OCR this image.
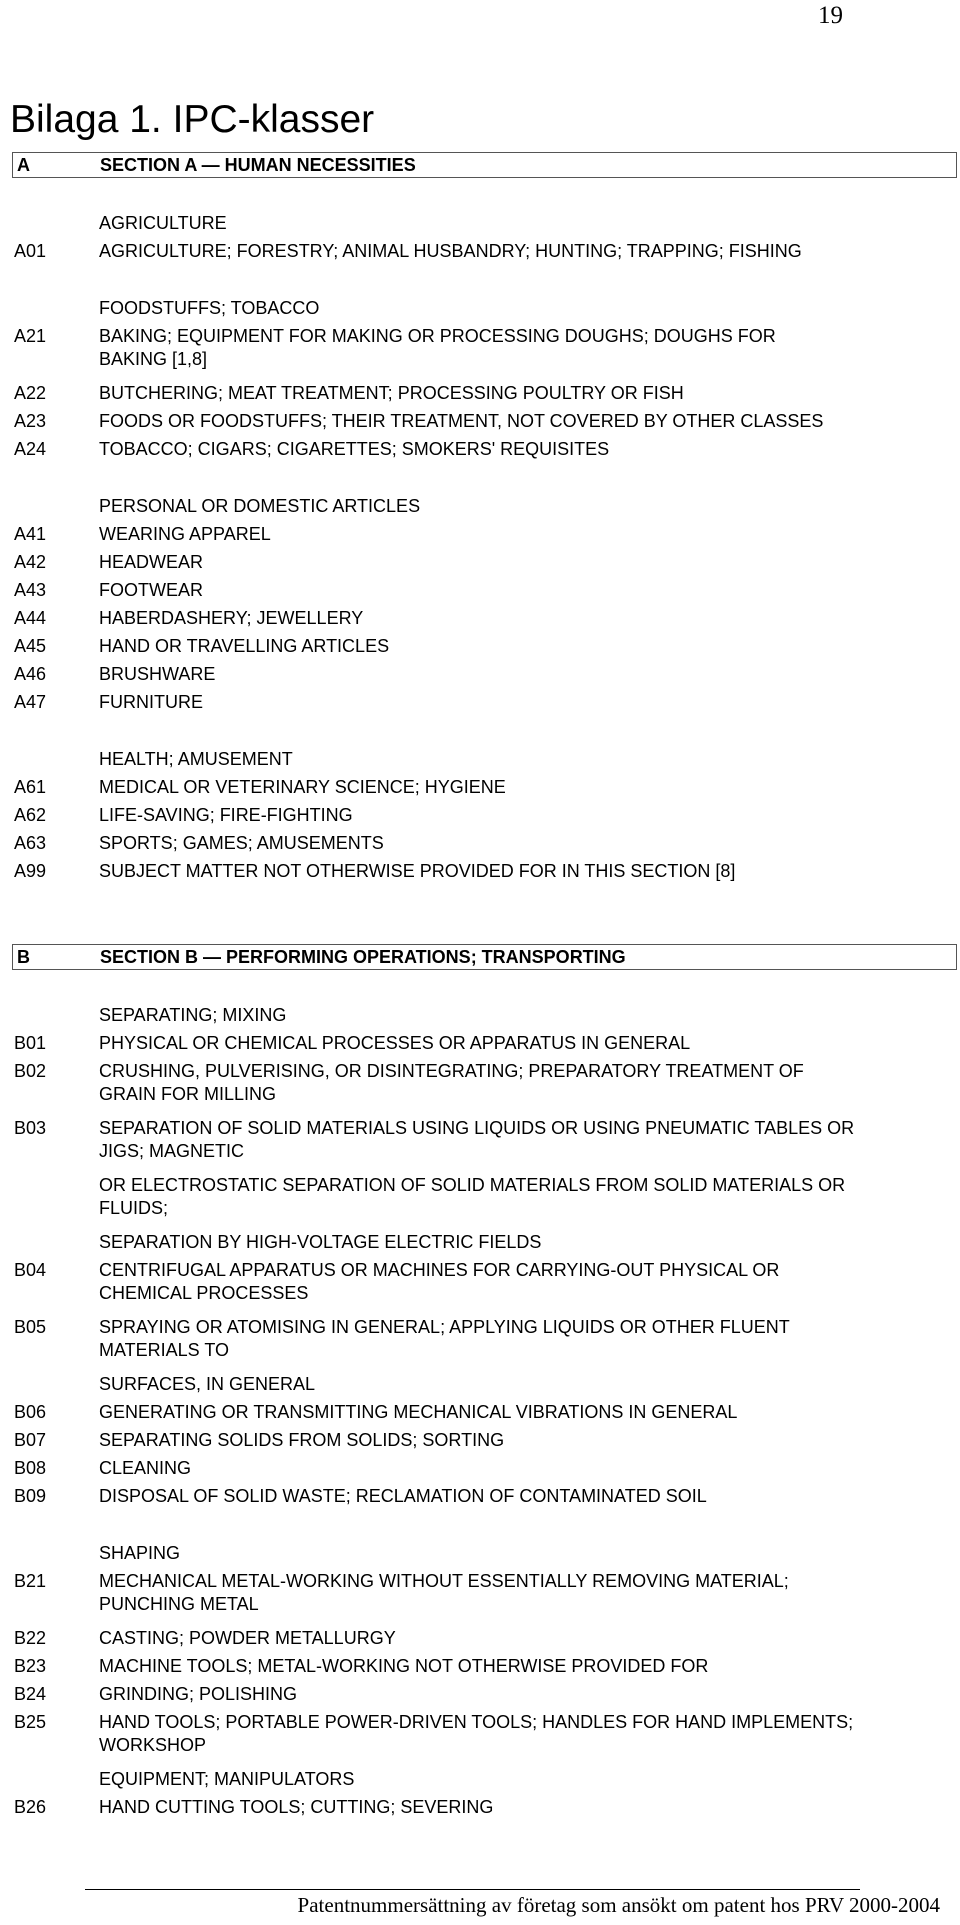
19
Bilaga 1. IPC-klasser
A	SECTION A — HUMAN NECESSITIES
AGRICULTURE
A01	AGRICULTURE; FORESTRY; ANIMAL HUSBANDRY; HUNTING; TRAPPING; FISHING
FOODSTUFFS; TOBACCO
A21	BAKING; EQUIPMENT FOR MAKING OR PROCESSING DOUGHS; DOUGHS FOR
BAKING [1,8]
A22	BUTCHERING; MEAT TREATMENT; PROCESSING POULTRY OR FISH
A23	FOODS OR FOODSTUFFS; THEIR TREATMENT, NOT COVERED BY OTHER CLASSES
A24	TOBACCO; CIGARS; CIGARETTES; SMOKERS' REQUISITES
PERSONAL OR DOMESTIC ARTICLES
A41	WEARING APPAREL
A42	HEADWEAR
A43	FOOTWEAR
A44	HABERDASHERY; JEWELLERY
A45	HAND OR TRAVELLING ARTICLES
A46	BRUSHWARE
A47	FURNITURE
HEALTH; AMUSEMENT
A61	MEDICAL OR VETERINARY SCIENCE; HYGIENE
A62	LIFE-SAVING; FIRE-FIGHTING
A63	SPORTS; GAMES; AMUSEMENTS
A99	SUBJECT MATTER NOT OTHERWISE PROVIDED FOR IN THIS SECTION [8]
B	SECTION B — PERFORMING OPERATIONS; TRANSPORTING
SEPARATING; MIXING
B01	PHYSICAL OR CHEMICAL PROCESSES OR APPARATUS IN GENERAL
B02	CRUSHING, PULVERISING, OR DISINTEGRATING; PREPARATORY TREATMENT OF
GRAIN FOR MILLING
B03	SEPARATION OF SOLID MATERIALS USING LIQUIDS OR USING PNEUMATIC TABLES OR
JIGS; MAGNETIC
OR ELECTROSTATIC SEPARATION OF SOLID MATERIALS FROM SOLID MATERIALS OR
FLUIDS;
SEPARATION BY HIGH-VOLTAGE ELECTRIC FIELDS
B04	CENTRIFUGAL APPARATUS OR MACHINES FOR CARRYING-OUT PHYSICAL OR
CHEMICAL PROCESSES
B05	SPRAYING OR ATOMISING IN GENERAL; APPLYING LIQUIDS OR OTHER FLUENT
MATERIALS TO
SURFACES, IN GENERAL
B06	GENERATING OR TRANSMITTING MECHANICAL VIBRATIONS IN GENERAL
B07	SEPARATING SOLIDS FROM SOLIDS; SORTING
B08	CLEANING
B09	DISPOSAL OF SOLID WASTE; RECLAMATION OF CONTAMINATED SOIL
SHAPING
B21	MECHANICAL METAL-WORKING WITHOUT ESSENTIALLY REMOVING MATERIAL;
PUNCHING METAL
B22	CASTING; POWDER METALLURGY
B23	MACHINE TOOLS; METAL-WORKING NOT OTHERWISE PROVIDED FOR
B24	GRINDING; POLISHING
B25	HAND TOOLS; PORTABLE POWER-DRIVEN TOOLS; HANDLES FOR HAND IMPLEMENTS;
WORKSHOP
EQUIPMENT; MANIPULATORS
B26	HAND CUTTING TOOLS; CUTTING; SEVERING
Patentnummersättning av företag som ansökt om patent hos PRV 2000-2004
